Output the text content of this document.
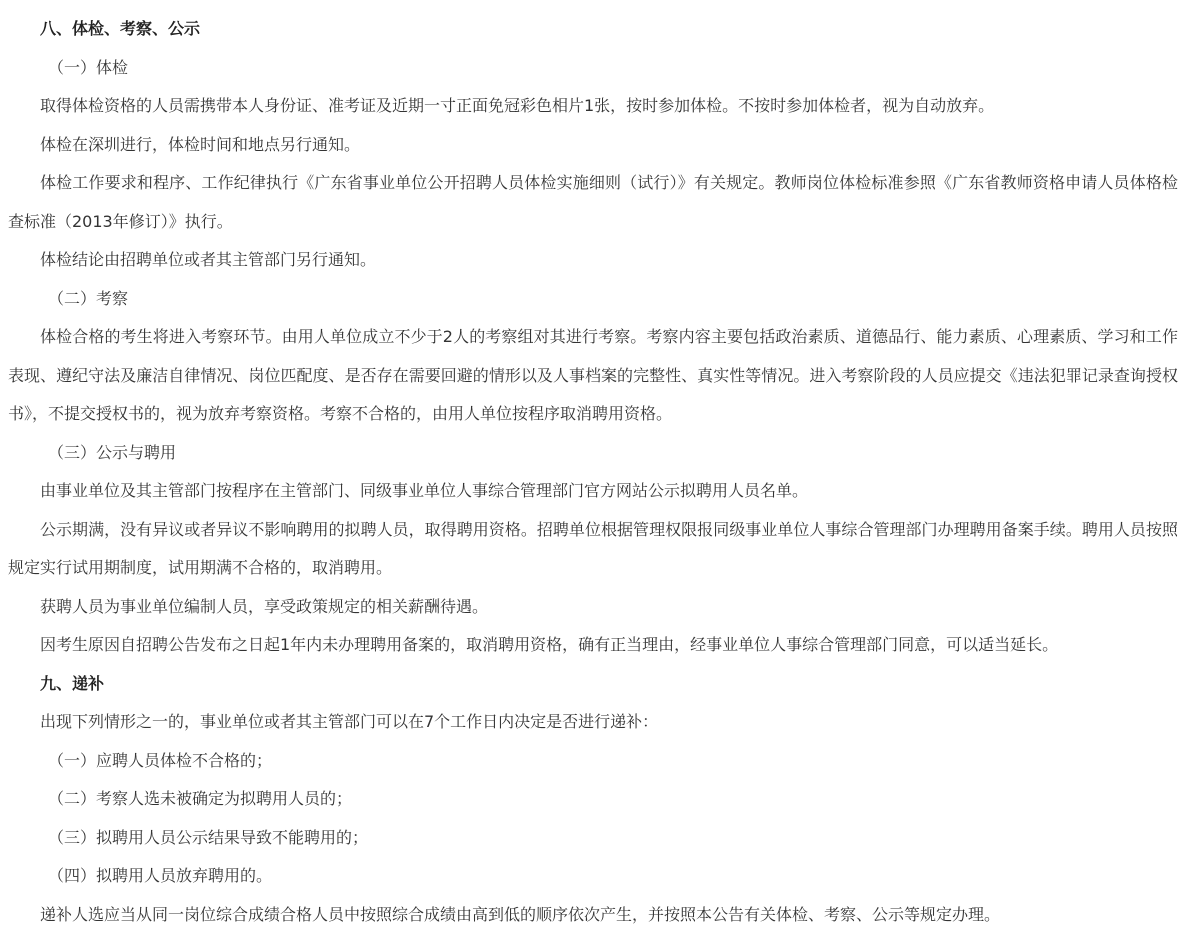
八、体检、考察、公示

（一）体检

取得体检资格的人员需携带本人身份证、准考证及近期一寸正面免冠彩色相片1张，按时参加体检。不按时参加体检者，视为自动放弃。

体检在深圳进行，体检时间和地点另行通知。

体检工作要求和程序、工作纪律执行《广东省事业单位公开招聘人员体检实施细则（试行）》有关规定。教师岗位体检标准参照《广东省教师资格申请人员体格检查标准（2013年修订）》执行。

体检结论由招聘单位或者其主管部门另行通知。

（二）考察

体检合格的考生将进入考察环节。由用人单位成立不少于2人的考察组对其进行考察。考察内容主要包括政治素质、道德品行、能力素质、心理素质、学习和工作表现、遵纪守法及廉洁自律情况、岗位匹配度、是否存在需要回避的情形以及人事档案的完整性、真实性等情况。进入考察阶段的人员应提交《违法犯罪记录查询授权书》，不提交授权书的，视为放弃考察资格。考察不合格的，由用人单位按程序取消聘用资格。

（三）公示与聘用

由事业单位及其主管部门按程序在主管部门、同级事业单位人事综合管理部门官方网站公示拟聘用人员名单。

公示期满，没有异议或者异议不影响聘用的拟聘人员，取得聘用资格。招聘单位根据管理权限报同级事业单位人事综合管理部门办理聘用备案手续。聘用人员按照规定实行试用期制度，试用期满不合格的，取消聘用。

获聘人员为事业单位编制人员，享受政策规定的相关薪酬待遇。

因考生原因自招聘公告发布之日起1年内未办理聘用备案的，取消聘用资格，确有正当理由，经事业单位人事综合管理部门同意，可以适当延长。

九、递补

出现下列情形之一的，事业单位或者其主管部门可以在7个工作日内决定是否进行递补：

（一）应聘人员体检不合格的；

（二）考察人选未被确定为拟聘用人员的；

（三）拟聘用人员公示结果导致不能聘用的；

（四）拟聘用人员放弃聘用的。

递补人选应当从同一岗位综合成绩合格人员中按照综合成绩由高到低的顺序依次产生，并按照本公告有关体检、考察、公示等规定办理。
